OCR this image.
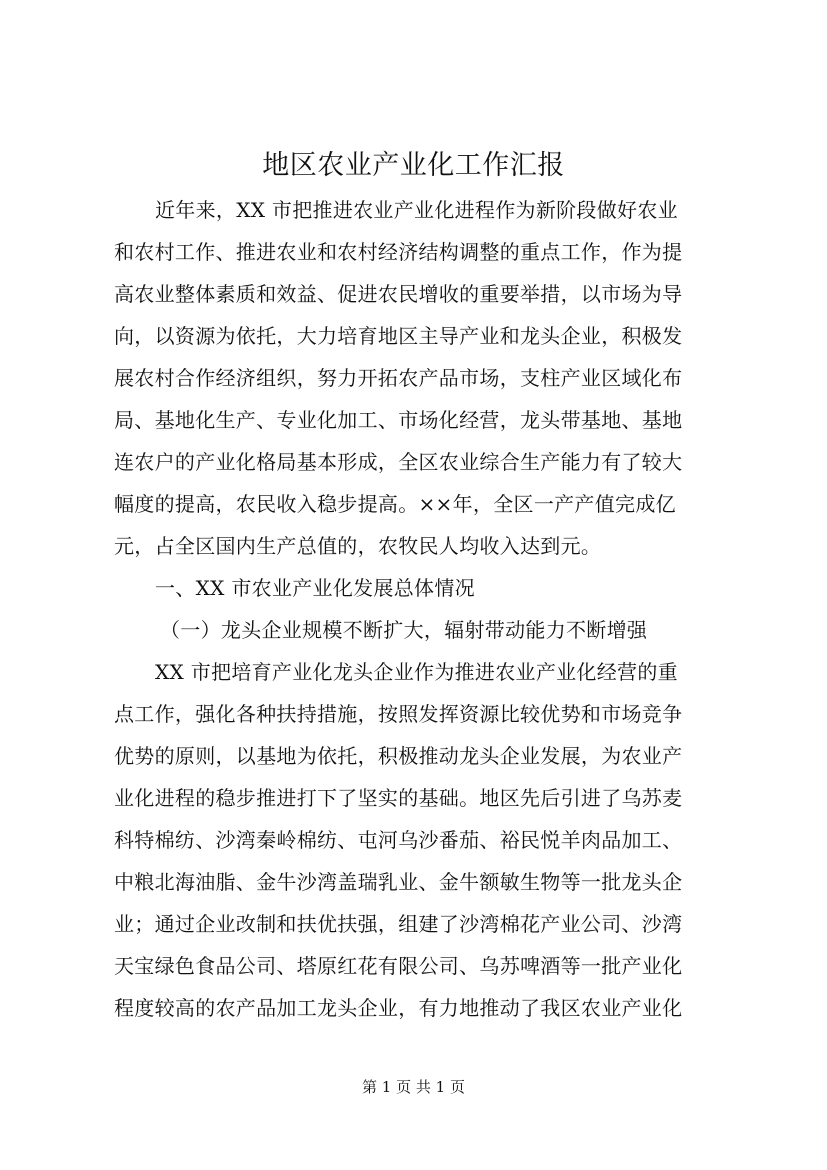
地区农业产业化工作汇报

近年来，XX 市把推进农业产业化进程作为新阶段做好农业

和农村工作、推进农业和农村经济结构调整的重点工作，作为提

高农业整体素质和效益、促进农民增收的重要举措，以市场为导

向，以资源为依托，大力培育地区主导产业和龙头企业，积极发

展农村合作经济组织，努力开拓农产品市场，支柱产业区域化布

局、基地化生产、专业化加工、市场化经营，龙头带基地、基地

连农户的产业化格局基本形成，全区农业综合生产能力有了较大

幅度的提高，农民收入稳步提高。××年，全区一产产值完成亿

元，占全区国内生产总值的，农牧民人均收入达到元。

一、XX 市农业产业化发展总体情况

（一）龙头企业规模不断扩大，辐射带动能力不断增强

XX 市把培育产业化龙头企业作为推进农业产业化经营的重

点工作，强化各种扶持措施，按照发挥资源比较优势和市场竞争

优势的原则，以基地为依托，积极推动龙头企业发展，为农业产

业化进程的稳步推进打下了坚实的基础。地区先后引进了乌苏麦

科特棉纺、沙湾秦岭棉纺、屯河乌沙番茄、裕民悦羊肉品加工、

中粮北海油脂、金牛沙湾盖瑞乳业、金牛额敏生物等一批龙头企

业；通过企业改制和扶优扶强，组建了沙湾棉花产业公司、沙湾

天宝绿色食品公司、塔原红花有限公司、乌苏啤酒等一批产业化

程度较高的农产品加工龙头企业，有力地推动了我区农业产业化

第 1 页 共 1 页
